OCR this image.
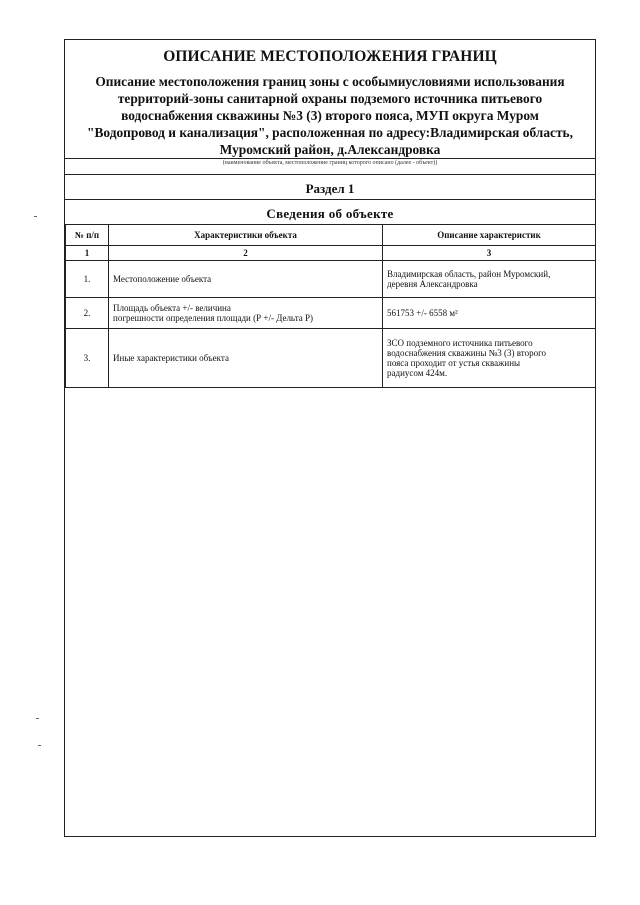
ОПИСАНИЕ МЕСТОПОЛОЖЕНИЯ ГРАНИЦ
Описание местоположения границ зоны с особымиусловиями использования
территорий-зоны санитарной охраны подземого источника питьевого
водоснабжения скважины №3 (3) второго пояса, МУП округа Муром
"Водопровод и канализация", расположенная по адресу:Владимирская область,
Муромский район, д.Александровка
(наименование объекта, местоположение границ которого описано (далее - объект))
Раздел 1
Сведения об объекте
№ п/п	Характеристики объекта	Описание характеристик
1	2	3
1.	Местоположение объекта	Владимирская область, район Муромский,
деревня Александровка

2.	Площадь объекта +/- величина
погрешности определения площади (Р +/- Дельта Р)	561753 +/- 6558 м²

3.	Иные характеристики объекта	ЗСО подземного источника питьевого
водоснабжения скважины №3 (3) второго
пояса проходит от устья скважины
радиусом 424м.
